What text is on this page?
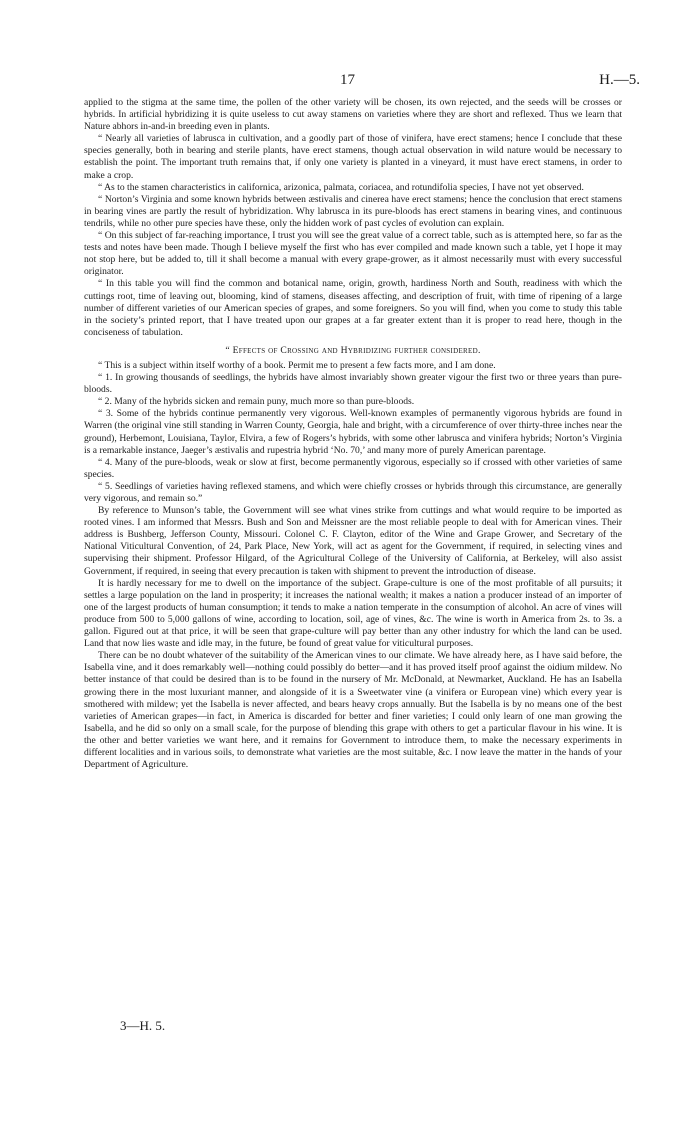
17	H.—5.

applied to the stigma at the same time, the pollen of the other variety will be chosen, its own rejected, and the seeds will be crosses or hybrids. In artificial hybridizing it is quite useless to cut away stamens on varieties where they are short and reflexed. Thus we learn that Nature abhors in-and-in breeding even in plants.

“ Nearly all varieties of labrusca in cultivation, and a goodly part of those of vinifera, have erect stamens; hence I conclude that these species generally, both in bearing and sterile plants, have erect stamens, though actual observation in wild nature would be necessary to establish the point. The important truth remains that, if only one variety is planted in a vineyard, it must have erect stamens, in order to make a crop.

“ As to the stamen characteristics in californica, arizonica, palmata, coriacea, and rotundifolia species, I have not yet observed.

“ Norton’s Virginia and some known hybrids between æstivalis and cinerea have erect stamens; hence the conclusion that erect stamens in bearing vines are partly the result of hybridization. Why labrusca in its pure-bloods has erect stamens in bearing vines, and continuous tendrils, while no other pure species have these, only the hidden work of past cycles of evolution can explain.

“ On this subject of far-reaching importance, I trust you will see the great value of a correct table, such as is attempted here, so far as the tests and notes have been made. Though I believe myself the first who has ever compiled and made known such a table, yet I hope it may not stop here, but be added to, till it shall become a manual with every grape-grower, as it almost necessarily must with every successful originator.

“ In this table you will find the common and botanical name, origin, growth, hardiness North and South, readiness with which the cuttings root, time of leaving out, blooming, kind of stamens, diseases affecting, and description of fruit, with time of ripening of a large number of different varieties of our American species of grapes, and some foreigners. So you will find, when you come to study this table in the society’s printed report, that I have treated upon our grapes at a far greater extent than it is proper to read here, though in the conciseness of tabulation.

“ Effects of Crossing and Hybridizing further considered.

“ This is a subject within itself worthy of a book. Permit me to present a few facts more, and I am done.

“ 1. In growing thousands of seedlings, the hybrids have almost invariably shown greater vigour the first two or three years than pure-bloods.

“ 2. Many of the hybrids sicken and remain puny, much more so than pure-bloods.

“ 3. Some of the hybrids continue permanently very vigorous. Well-known examples of permanently vigorous hybrids are found in Warren (the original vine still standing in Warren County, Georgia, hale and bright, with a circumference of over thirty-three inches near the ground), Herbemont, Louisiana, Taylor, Elvira, a few of Rogers’s hybrids, with some other labrusca and vinifera hybrids; Norton’s Virginia is a remarkable instance, Jaeger’s æstivalis and rupestria hybrid ‘No. 70,’ and many more of purely American parentage.

“ 4. Many of the pure-bloods, weak or slow at first, become permanently vigorous, especially so if crossed with other varieties of same species.

“ 5. Seedlings of varieties having reflexed stamens, and which were chiefly crosses or hybrids through this circumstance, are generally very vigorous, and remain so.”

By reference to Munson’s table, the Government will see what vines strike from cuttings and what would require to be imported as rooted vines. I am informed that Messrs. Bush and Son and Meissner are the most reliable people to deal with for American vines. Their address is Bushberg, Jefferson County, Missouri. Colonel C. F. Clayton, editor of the Wine and Grape Grower, and Secretary of the National Viticultural Convention, of 24, Park Place, New York, will act as agent for the Government, if required, in selecting vines and supervising their shipment. Professor Hilgard, of the Agricultural College of the University of California, at Berkeley, will also assist Government, if required, in seeing that every precaution is taken with shipment to prevent the introduction of disease.

It is hardly necessary for me to dwell on the importance of the subject. Grape-culture is one of the most profitable of all pursuits; it settles a large population on the land in prosperity; it increases the national wealth; it makes a nation a producer instead of an importer of one of the largest products of human consumption; it tends to make a nation temperate in the consumption of alcohol. An acre of vines will produce from 500 to 5,000 gallons of wine, according to location, soil, age of vines, &c. The wine is worth in America from 2s. to 3s. a gallon. Figured out at that price, it will be seen that grape-culture will pay better than any other industry for which the land can be used. Land that now lies waste and idle may, in the future, be found of great value for viticultural purposes.

There can be no doubt whatever of the suitability of the American vines to our climate. We have already here, as I have said before, the Isabella vine, and it does remarkably well—nothing could possibly do better—and it has proved itself proof against the oidium mildew. No better instance of that could be desired than is to be found in the nursery of Mr. McDonald, at Newmarket, Auckland. He has an Isabella growing there in the most luxuriant manner, and alongside of it is a Sweetwater vine (a vinifera or European vine) which every year is smothered with mildew; yet the Isabella is never affected, and bears heavy crops annually. But the Isabella is by no means one of the best varieties of American grapes—in fact, in America is discarded for better and finer varieties; I could only learn of one man growing the Isabella, and he did so only on a small scale, for the purpose of blending this grape with others to get a particular flavour in his wine. It is the other and better varieties we want here, and it remains for Government to introduce them, to make the necessary experiments in different localities and in various soils, to demonstrate what varieties are the most suitable, &c. I now leave the matter in the hands of your Department of Agriculture.

3—H. 5.
